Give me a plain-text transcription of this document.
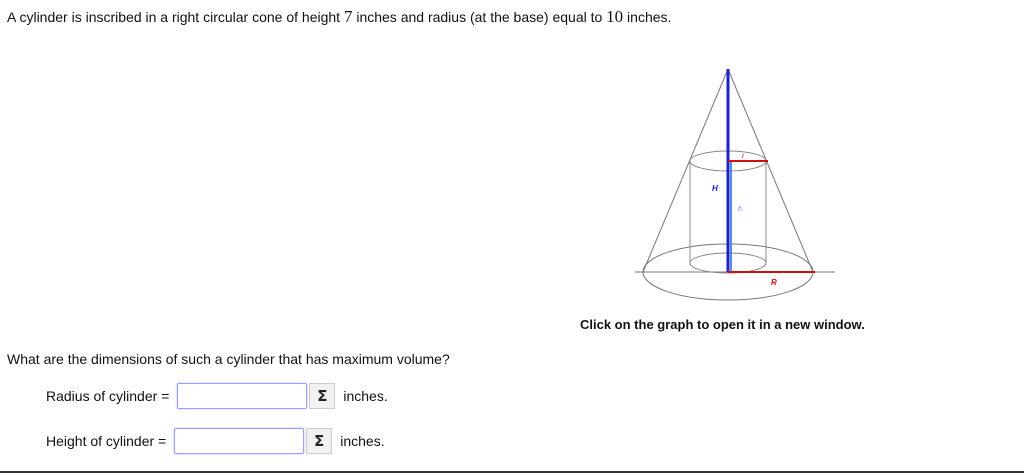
A cylinder is inscribed in a right circular cone of height 7 inches and radius (at the base) equal to 10 inches.
H
r
h
R
Click on the graph to open it in a new window.
What are the dimensions of such a cylinder that has maximum volume?
Radius of cylinder =	Σ	inches.
Height of cylinder =	Σ	inches.
